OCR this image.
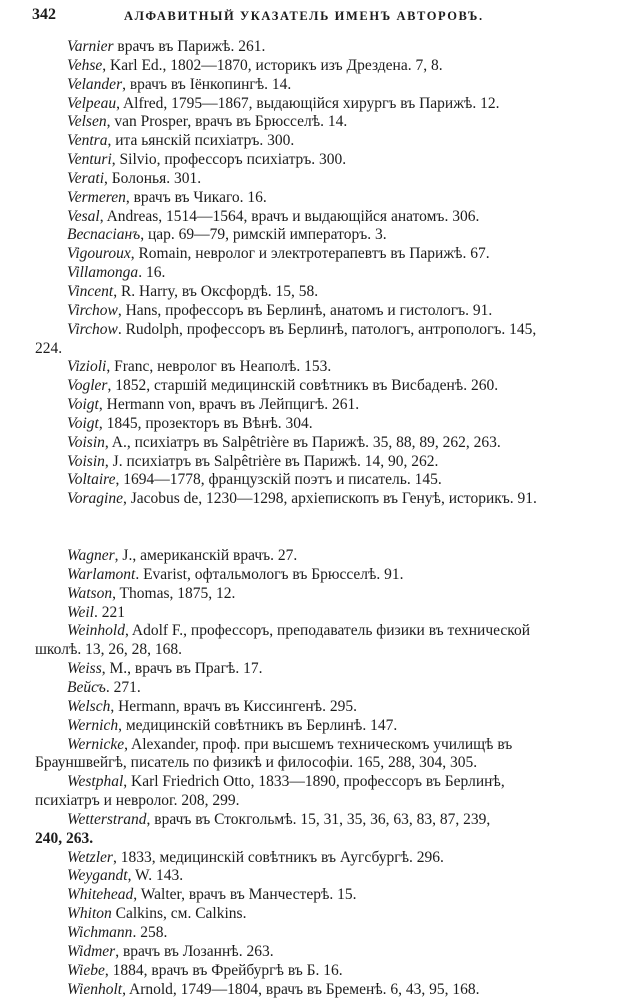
342	АЛФАВИТНЫЙ УКАЗАТЕЛЬ ИМЕНЪ АВТОРОВЪ.
Varnier врачъ въ Парижѣ. 261.
Vehse, Karl Ed., 1802—1870, историкъ изъ Дрездена. 7, 8.
Velander, врачъ въ Іёнкопингѣ. 14.
Velpeau, Alfred, 1795—1867, выдающійся хирургъ въ Парижѣ. 12.
Velsen, van Prosper, врачъ въ Брюсселѣ. 14.
Ventra, ита ьянскій психіатръ. 300.
Venturi, Silvio, профессоръ психіатръ. 300.
Verati, Болонья. 301.
Vermeren, врачъ въ Чикаго. 16.
Vesal, Andreas, 1514—1564, врачъ и выдающійся анатомъ. 306.
Веспасіанъ, цар. 69—79, римскій императоръ. 3.
Vigouroux, Romain, невролог и электротерапевтъ въ Парижѣ. 67.
Villamonga. 16.
Vincent, R. Harry, въ Оксфордѣ. 15, 58.
Virchow, Hans, профессоръ въ Берлинѣ, анатомъ и гистологъ. 91.
Virchow. Rudolph, профессоръ въ Берлинѣ, патологъ, антропологъ. 145,
224.
Vizioli, Franc, невролог въ Неаполѣ. 153.
Vogler, 1852, старшій медицинскій совѣтникъ въ Висбаденѣ. 260.
Voigt, Hermann von, врачъ въ Лейпцигѣ. 261.
Voigt, 1845, прозекторъ въ Вѣнѣ. 304.
Voisin, A., психіатръ въ Salpêtrière въ Парижѣ. 35, 88, 89, 262, 263.
Voisin, J. психіатръ въ Salpêtrière въ Парижѣ. 14, 90, 262.
Voltaire, 1694—1778, французскій поэтъ и писатель. 145.
Voragine, Jacobus de, 1230—1298, архіепископъ въ Генуѣ, историкъ. 91.
Wagner, J., американскій врачъ. 27.
Warlamont. Evarist, офтальмологъ въ Брюсселѣ. 91.
Watson, Thomas, 1875, 12.
Weil. 221
Weinhold, Adolf F., профессоръ, преподаватель физики въ технической
школѣ. 13, 26, 28, 168.
Weiss, M., врачъ въ Прагѣ. 17.
Вейсъ. 271.
Welsch, Hermann, врачъ въ Киссингенѣ. 295.
Wernich, медицинскій совѣтникъ въ Берлинѣ. 147.
Wernicke, Alexander, проф. при высшемъ техническомъ училищѣ въ
Брауншвейгѣ, писатель по физикѣ и философіи. 165, 288, 304, 305.
Westphal, Karl Friedrich Otto, 1833—1890, профессоръ въ Берлинѣ,
психіатръ и невролог. 208, 299.
Wetterstrand, врачъ въ Стокгольмѣ. 15, 31, 35, 36, 63, 83, 87, 239,
240, 263.
Wetzler, 1833, медицинскій совѣтникъ въ Аугсбургѣ. 296.
Weygandt, W. 143.
Whitehead, Walter, врачъ въ Манчестерѣ. 15.
Whiton Calkins, см. Calkins.
Wichmann. 258.
Widmer, врачъ въ Лозаннѣ. 263.
Wiebe, 1884, врачъ въ Фрейбургѣ въ Б. 16.
Wienholt, Arnold, 1749—1804, врачъ въ Бременѣ. 6, 43, 95, 168.
